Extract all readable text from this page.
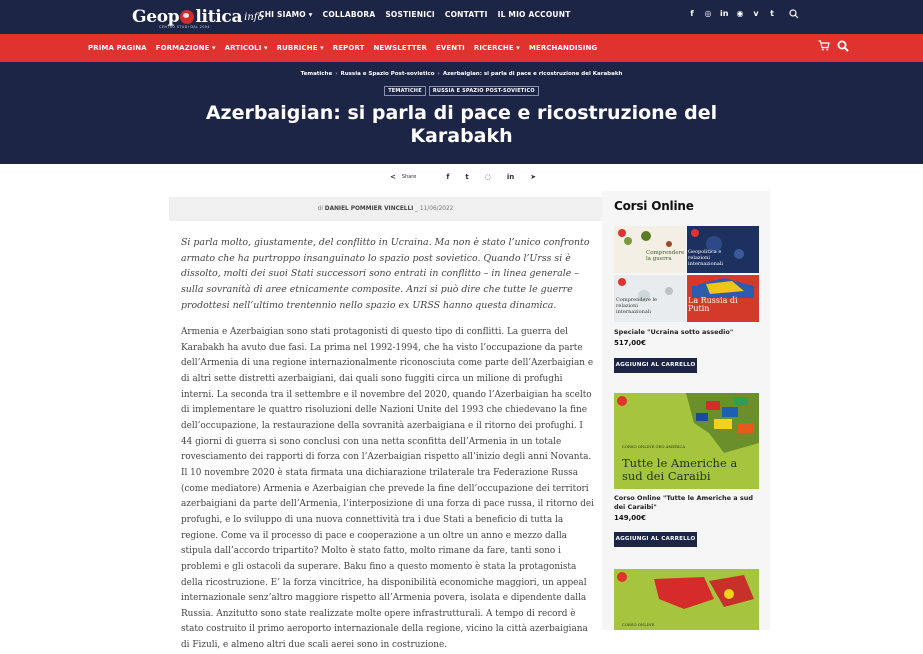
Geop litica info
CENTRO STUDI DAL 2004
CHI SIAMO ▾ COLLABORA SOSTIENICI CONTATTI IL MIO ACCOUNT	f ◎ in ◉ v t
PRIMA PAGINA FORMAZIONE ▾ ARTICOLI ▾ RUBRICHE ▾ REPORT NEWSLETTER EVENTI RICERCHE ▾ MERCHANDISING
Tematiche › Russia e Spazio Post-sovietico › Azerbaigian: si parla di pace e ricostruzione del Karabakh
TEMATICHE	RUSSIA E SPAZIO POST-SOVIETICO
Azerbaigian: si parla di pace e ricostruzione del Karabakh
< Share	f t ◌ in ➤
di DANIEL POMMIER VINCELLI _ 11/06/2022
Si parla molto, giustamente, del conflitto in Ucraina. Ma non è stato l’unico confronto armato che ha purtroppo insanguinato lo spazio post sovietico. Quando l’Urss si è dissolto, molti dei suoi Stati successori sono entrati in conflitto – in linea generale – sulla sovranità di aree etnicamente composite. Anzi si può dire che tutte le guerre prodottesi nell’ultimo trentennio nello spazio ex URSS hanno questa dinamica.
Armenia e Azerbaigian sono stati protagonisti di questo tipo di conflitti. La guerra del Karabakh ha avuto due fasi. La prima nel 1992-1994, che ha visto l’occupazione da parte dell’Armenia di una regione internazionalmente riconosciuta come parte dell’Azerbaigian e di altri sette distretti azerbaigiani, dai quali sono fuggiti circa un milione di profughi interni. La seconda tra il settembre e il novembre del 2020, quando l’Azerbaigian ha scelto di implementare le quattro risoluzioni delle Nazioni Unite del 1993 che chiedevano la fine dell’occupazione, la restaurazione della sovranità azerbaigiana e il ritorno dei profughi. I 44 giorni di guerra si sono conclusi con una netta sconfitta dell’Armenia in un totale rovesciamento dei rapporti di forza con l’Azerbaigian rispetto all’inizio degli anni Novanta. Il 10 novembre 2020 è stata firmata una dichiarazione trilaterale tra Federazione Russa (come mediatore) Armenia e Azerbaigian che prevede la fine dell’occupazione dei territori azerbaigiani da parte dell’Armenia, l’interposizione di una forza di pace russa, il ritorno dei profughi, e lo sviluppo di una nuova connettività tra i due Stati a beneficio di tutta la regione. Come va il processo di pace e cooperazione a un oltre un anno e mezzo dalla stipula dall’accordo tripartito? Molto è stato fatto, molto rimane da fare, tanti sono i problemi e gli ostacoli da superare. Baku fino a questo momento è stata la protagonista della ricostruzione. E’ la forza vincitrice, ha disponibilità economiche maggiori, un appeal internazionale senz’altro maggiore rispetto all’Armenia povera, isolata e dipendente dalla Russia. Anzitutto sono state realizzate molte opere infrastrutturali. A tempo di record è stato costruito il primo aeroporto internazionale della regione, vicino la città azerbaigiana di Fizuli, e almeno altri due scali aerei sono in costruzione.
Corsi Online
Comprendere la guerra
Geopolitica e relazioni internazionali
Comprendere le relazioni internazionali
La Russia di Putin
Speciale "Ucraina sotto assedio"
517,00€
AGGIUNGI AL CARRELLO
CORSO ONLINE GEO AMERICA
Tutte le Americhe a sud dei Caraibi
Corso Online "Tutte le Americhe a sud dei Caraibi"
149,00€
AGGIUNGI AL CARRELLO
CORSO ONLINE
